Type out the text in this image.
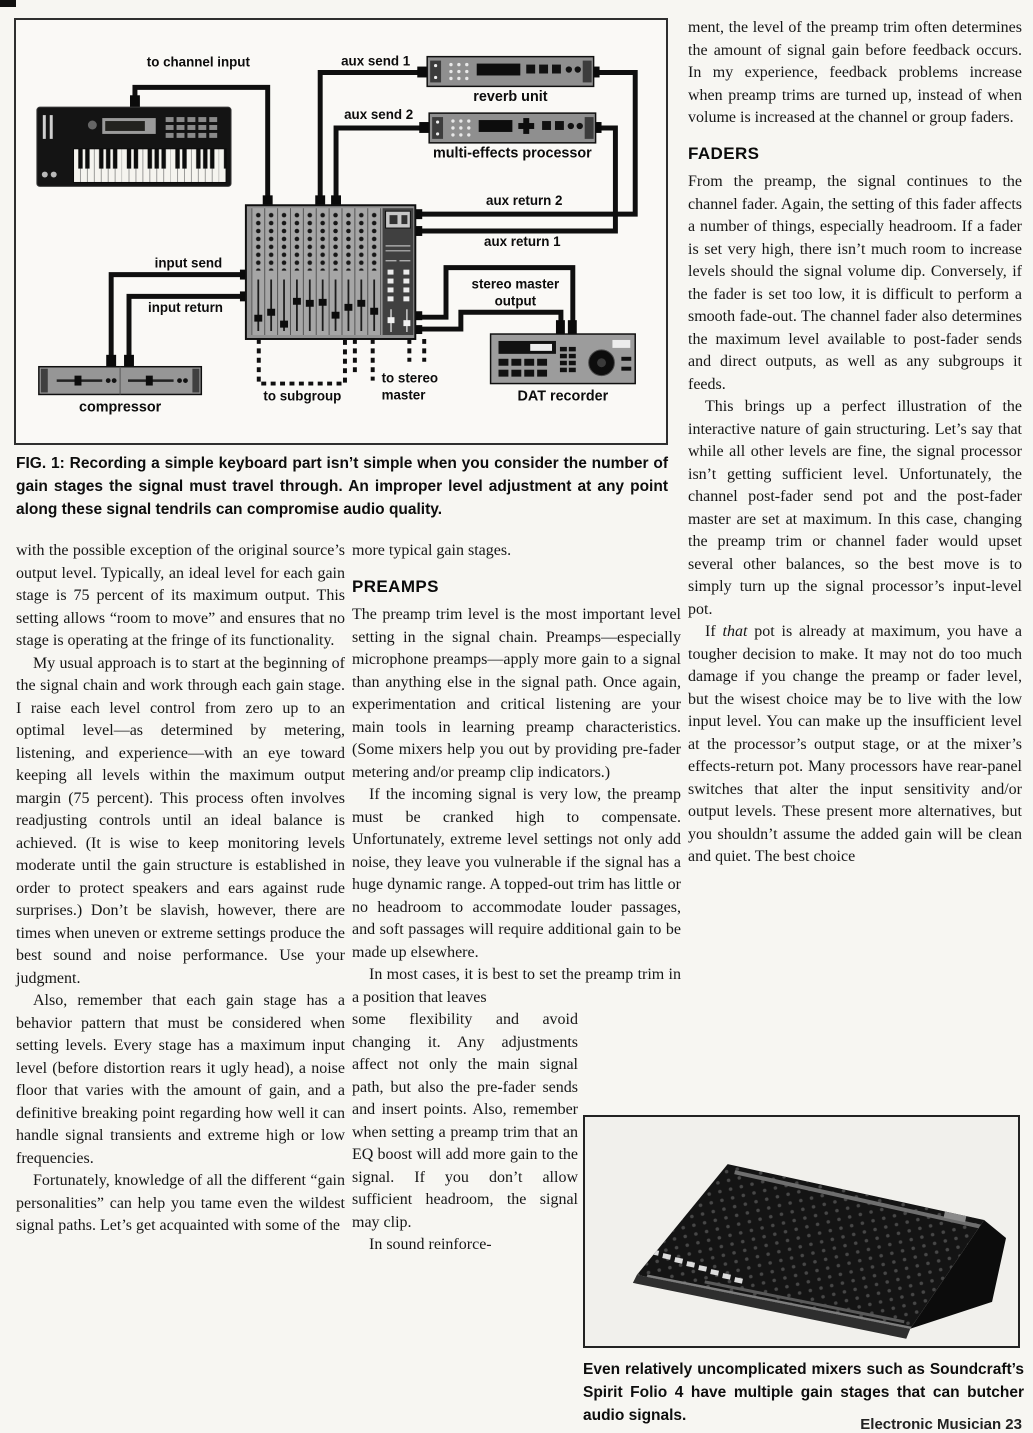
to channel input	aux send 1
reverb unit
aux send 2
multi-effects processor
aux return 2
aux return 1
input send
input return
stereo master
output
compressor
to subgroup
to stereo
master	DAT recorder
FIG. 1: Recording a simple keyboard part isn’t simple when you consider the number of gain stages the signal must travel through. An improper level adjustment at any point along these signal tendrils can compromise audio quality.

with the possible exception of the original source’s output level. Typically, an ideal level for each gain stage is 75 percent of its maximum output. This setting allows “room to move” and ensures that no stage is operating at the fringe of its functionality.

My usual approach is to start at the beginning of the signal chain and work through each gain stage. I raise each level control from zero up to an optimal level—as determined by metering, listening, and experience—with an eye toward keeping all levels within the maximum output margin (75 percent). This process often involves readjusting controls until an ideal balance is achieved. (It is wise to keep monitoring levels moderate until the gain structure is established in order to protect speakers and ears against rude surprises.) Don’t be slavish, however, there are times when uneven or extreme settings produce the best sound and noise performance. Use your judgment.

Also, remember that each gain stage has a behavior pattern that must be considered when setting levels. Every stage has a maximum input level (before distortion rears it ugly head), a noise floor that varies with the amount of gain, and a definitive breaking point regarding how well it can handle signal transients and extreme high or low frequencies.

Fortunately, knowledge of all the different “gain personalities” can help you tame even the wildest signal paths. Let’s get acquainted with some of the

more typical gain stages.

PREAMPS

The preamp trim level is the most important level setting in the signal chain. Preamps—especially microphone preamps—apply more gain to a signal than anything else in the signal path. Once again, experimentation and critical listening are your main tools in learning preamp characteristics. (Some mixers help you out by providing pre-fader metering and/or preamp clip indicators.)

If the incoming signal is very low, the preamp must be cranked high to compensate. Unfortunately, extreme level settings not only add noise, they leave you vulnerable if the signal has a huge dynamic range. A topped-out trim has little or no headroom to accommodate louder passages, and soft passages will require additional gain to be made up elsewhere.

In most cases, it is best to set the preamp trim in a position that leaves

some flexibility and avoid changing it. Any adjustments affect not only the main signal path, but also the pre-fader sends and insert points. Also, remember when setting a preamp trim that an EQ boost will add more gain to the signal. If you don’t allow sufficient headroom, the signal may clip.

In sound reinforce-

ment, the level of the preamp trim often determines the amount of signal gain before feedback occurs. In my experience, feedback problems increase when preamp trims are turned up, instead of when volume is increased at the channel or group faders.

FADERS

From the preamp, the signal continues to the channel fader. Again, the setting of this fader affects a number of things, especially headroom. If a fader is set very high, there isn’t much room to increase levels should the signal volume dip. Conversely, if the fader is set too low, it is difficult to perform a smooth fade-out. The channel fader also determines the maximum level available to post-fader sends and direct outputs, as well as any subgroups it feeds.

This brings up a perfect illustration of the interactive nature of gain structuring. Let’s say that while all other levels are fine, the signal processor isn’t getting sufficient level. Unfortunately, the channel post-fader send pot and the post-fader master are set at maximum. In this case, changing the preamp trim or channel fader would upset several other balances, so the best move is to simply turn up the signal processor’s input-level pot.

If that pot is already at maximum, you have a tougher decision to make. It may not do too much damage if you change the preamp or fader level, but the wisest choice may be to live with the low input level. You can make up the insufficient level at the processor’s output stage, or at the mixer’s effects-return pot. Many processors have rear-panel switches that alter the input sensitivity and/or output levels. These present more alternatives, but you shouldn’t assume the added gain will be clean and quiet. The best choice

Even relatively uncomplicated mixers such as Soundcraft’s Spirit Folio 4 have multiple gain stages that can butcher audio signals.
Electronic Musician 23
